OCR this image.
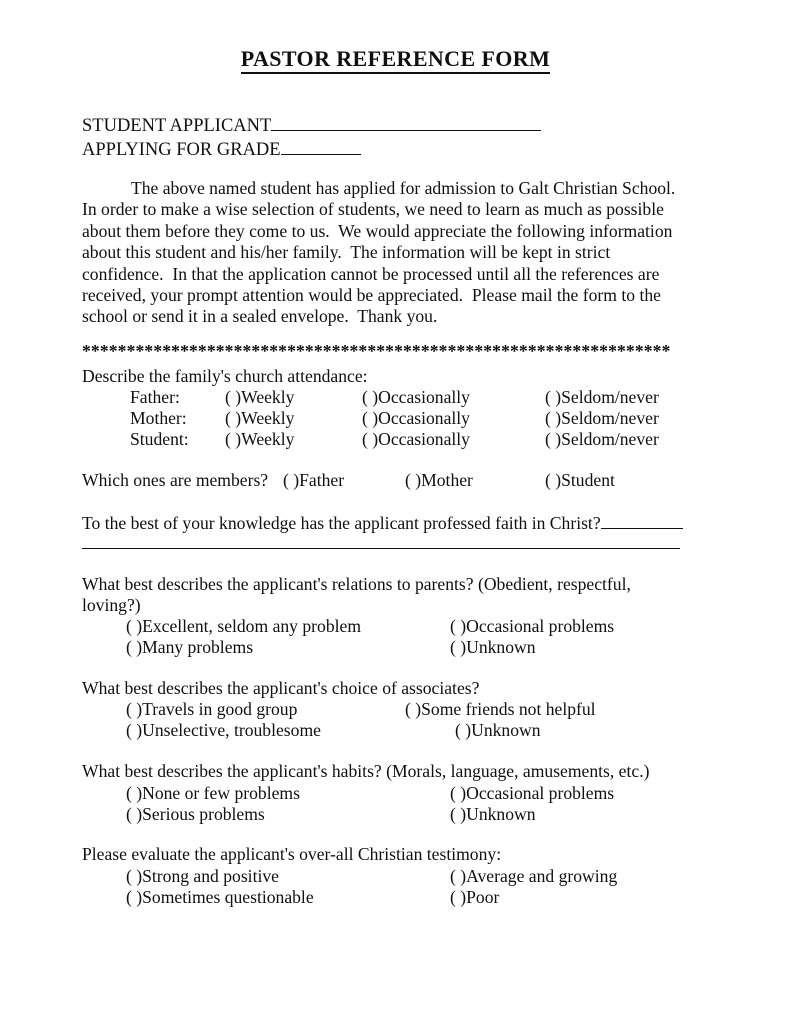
PASTOR REFERENCE FORM
STUDENT APPLICANT
APPLYING FOR GRADE
The above named student has applied for admission to Galt Christian School.  In order to make a wise selection of students, we need to learn as much as possible about them before they come to us.  We would appreciate the following information about this student and his/her family.  The information will be kept in strict confidence.  In that the application cannot be processed until all the references are received, your prompt attention would be appreciated.  Please mail the form to the school or send it in a sealed envelope.  Thank you.
******************************************************************
Describe the family's church attendance:
Father:	( )Weekly	( )Occasionally	( )Seldom/never
Mother: ( )Weekly	( )Occasionally	( )Seldom/never
Student: ( )Weekly	( )Occasionally	( )Seldom/never
Which ones are members? ( )Father	( )Mother	( )Student
To the best of your knowledge has the applicant professed faith in Christ?
What best describes the applicant's relations to parents? (Obedient, respectful, loving?)
( )Excellent, seldom any problem	( )Occasional problems
( )Many problems	( )Unknown
What best describes the applicant's choice of associates?
( )Travels in good group	( )Some friends not helpful
( )Unselective, troublesome	( )Unknown
What best describes the applicant's habits? (Morals, language, amusements, etc.)
( )None or few problems	( )Occasional problems
( )Serious problems	( )Unknown
Please evaluate the applicant's over-all Christian testimony:
( )Strong and positive	( )Average and growing
( )Sometimes questionable	( )Poor
